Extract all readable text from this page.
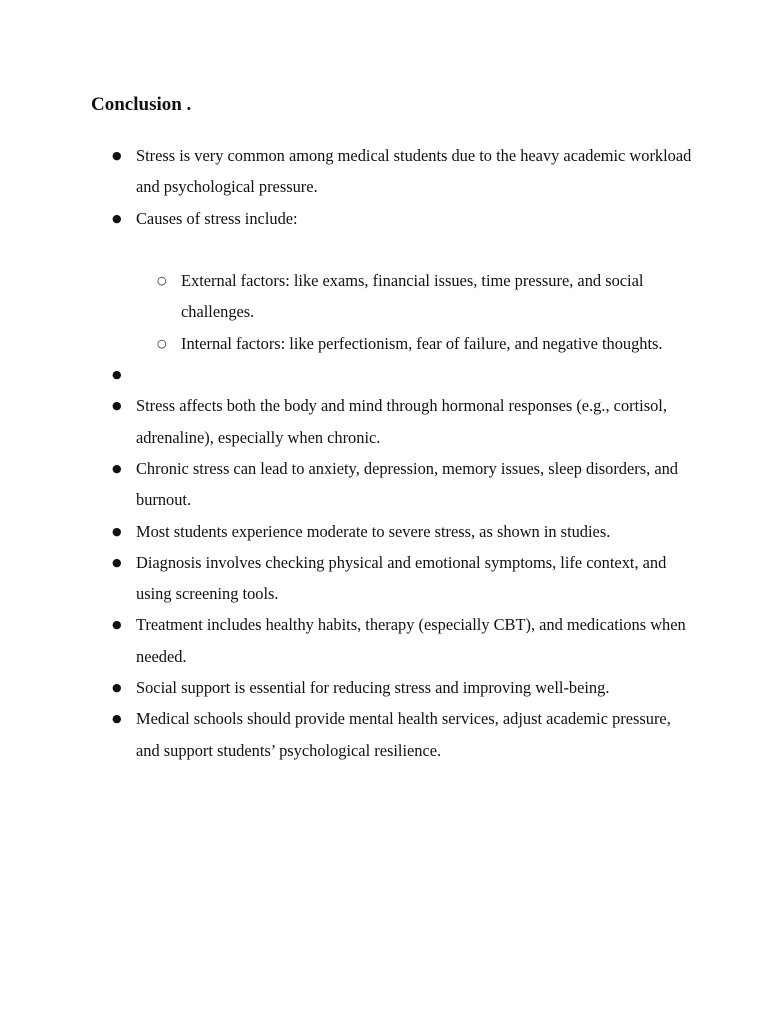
Conclusion .
● Stress is very common among medical students due to the heavy academic workload and psychological pressure.
● Causes of stress include:
○ External factors: like exams, financial issues, time pressure, and social challenges.
○ Internal factors: like perfectionism, fear of failure, and negative thoughts.
●
● Stress affects both the body and mind through hormonal responses (e.g., cortisol, adrenaline), especially when chronic.
● Chronic stress can lead to anxiety, depression, memory issues, sleep disorders, and burnout.
● Most students experience moderate to severe stress, as shown in studies.
● Diagnosis involves checking physical and emotional symptoms, life context, and using screening tools.
● Treatment includes healthy habits, therapy (especially CBT), and medications when needed.
● Social support is essential for reducing stress and improving well-being.
● Medical schools should provide mental health services, adjust academic pressure, and support students’ psychological resilience.
